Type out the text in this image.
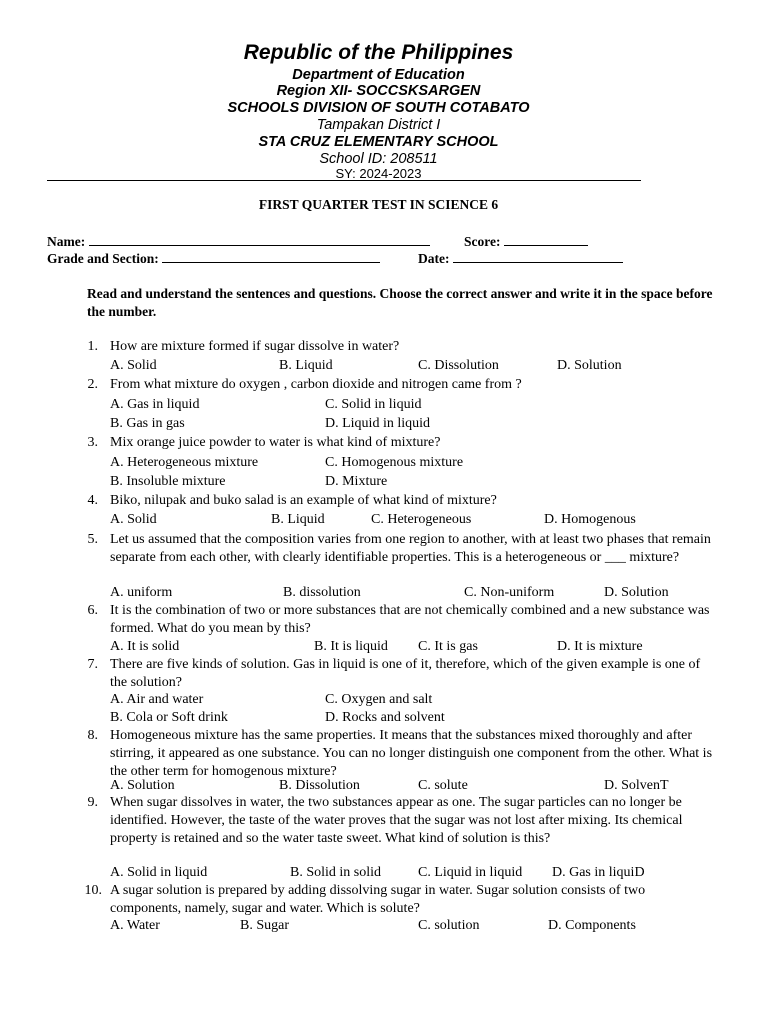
Republic of the Philippines
Department of Education
Region XII- SOCCSKSARGEN
SCHOOLS DIVISION OF SOUTH COTABATO
Tampakan District I
STA CRUZ ELEMENTARY SCHOOL
School ID: 208511
SY: 2024-2023
FIRST QUARTER TEST IN SCIENCE 6
Name:	Score:
Grade and Section:	Date:
Read and understand the sentences and questions. Choose the correct answer and write it in the space before the number.
1. How are mixture formed if sugar dissolve in water?
A. Solid	B. Liquid	C. Dissolution	D. Solution
2. From what mixture do oxygen , carbon dioxide and nitrogen came from ?
A. Gas in liquid	C. Solid in liquid
B. Gas in gas	D. Liquid in liquid
3. Mix orange juice powder to water is what kind of mixture?
A. Heterogeneous mixture	C. Homogenous mixture
B. Insoluble mixture	D. Mixture
4. Biko, nilupak and buko salad is an example of what kind of mixture?
A. Solid	B. Liquid	C. Heterogeneous	D. Homogenous
5. Let us assumed that the composition varies from one region to another, with at least two phases that remain separate from each other, with clearly identifiable properties. This is a heterogeneous or ___ mixture?
A. uniform	B. dissolution	C. Non-uniform	D. Solution
6. It is the combination of two or more substances that are not chemically combined and a new substance was formed. What do you mean by this?
A. It is solid	B. It is liquid C. It is gas	D. It is mixture
7. There are five kinds of solution. Gas in liquid is one of it, therefore, which of the given example is one of the solution?
A. Air and water	C. Oxygen and salt
B. Cola or Soft drink	D. Rocks and solvent
8. Homogeneous mixture has the same properties. It means that the substances mixed thoroughly and after stirring, it appeared as one substance. You can no longer distinguish one component from the other. What is the other term for homogenous mixture?
A. Solution	B. Dissolution	C. solute	D. SolvenT
9. When sugar dissolves in water, the two substances appear as one. The sugar particles can no longer be identified. However, the taste of the water proves that the sugar was not lost after mixing. Its chemical property is retained and so the water taste sweet. What kind of solution is this?
A. Solid in liquid	B. Solid in solid	C. Liquid in liquid D. Gas in liquiD
10. A sugar solution is prepared by adding dissolving sugar in water. Sugar solution consists of two components, namely, sugar and water. Which is solute?
A. Water	B. Sugar	C. solution	D. Components
